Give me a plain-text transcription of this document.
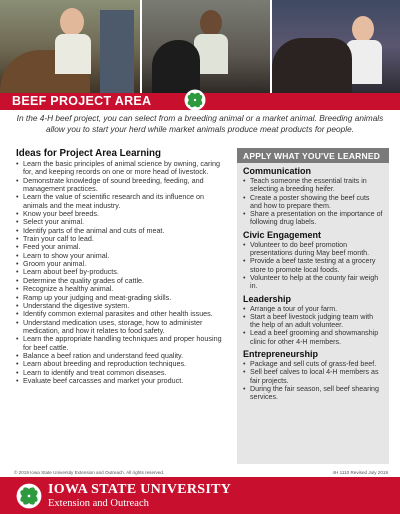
BEEF PROJECT AREA

In the 4-H beef project, you can select from a breeding animal or a market animal. Breeding animals allow you to start your herd while market animals produce meat products for people.

Ideas for Project Area Learning
• Learn the basic principles of animal science by owning, caring for, and keeping records on one or more head of livestock.
• Demonstrate knowledge of sound breeding, feeding, and management practices.
• Learn the value of scientific research and its influence on animals and the meat industry.
• Know your beef breeds.
• Select your animal.
• Identify parts of the animal and cuts of meat.
• Train your calf to lead.
• Feed your animal.
• Learn to show your animal.
• Groom your animal.
• Learn about beef by-products.
• Determine the quality grades of cattle.
• Recognize a healthy animal.
• Ramp up your judging and meat-grading skills.
• Understand the digestive system.
• Identify common external parasites and other health issues.
• Understand medication uses, storage, how to administer medication, and how it relates to food safety.
• Learn the appropriate handling techniques and proper housing for beef cattle.
• Balance a beef ration and understand feed quality.
• Learn about breeding and reproduction techniques.
• Learn to identify and treat common diseases.
• Evaluate beef carcasses and market your product.
APPLY WHAT YOU'VE LEARNED
Communication
• Teach someone the essential traits in selecting a breeding heifer.
• Create a poster showing the beef cuts and how to prepare them.
• Share a presentation on the importance of following drug labels.
Civic Engagement
• Volunteer to do beef promotion presentations during May beef month.
• Provide a beef taste testing at a grocery store to promote local foods.
• Volunteer to help at the county fair weigh in.
Leadership
• Arrange a tour of your farm.
• Start a beef livestock judging team with the help of an adult volunteer.
• Lead a beef grooming and showmanship clinic for other 4-H members.
Entrepreneurship
• Package and sell cuts of grass-fed beef.
• Sell beef calves to local 4-H members as fair projects.
• During the fair season, sell beef shearing services.
© 2019 Iowa State University Extension and Outreach. All rights reserved.	4H 1110 Revised July 2019
IOWA STATE UNIVERSITY
Extension and Outreach
